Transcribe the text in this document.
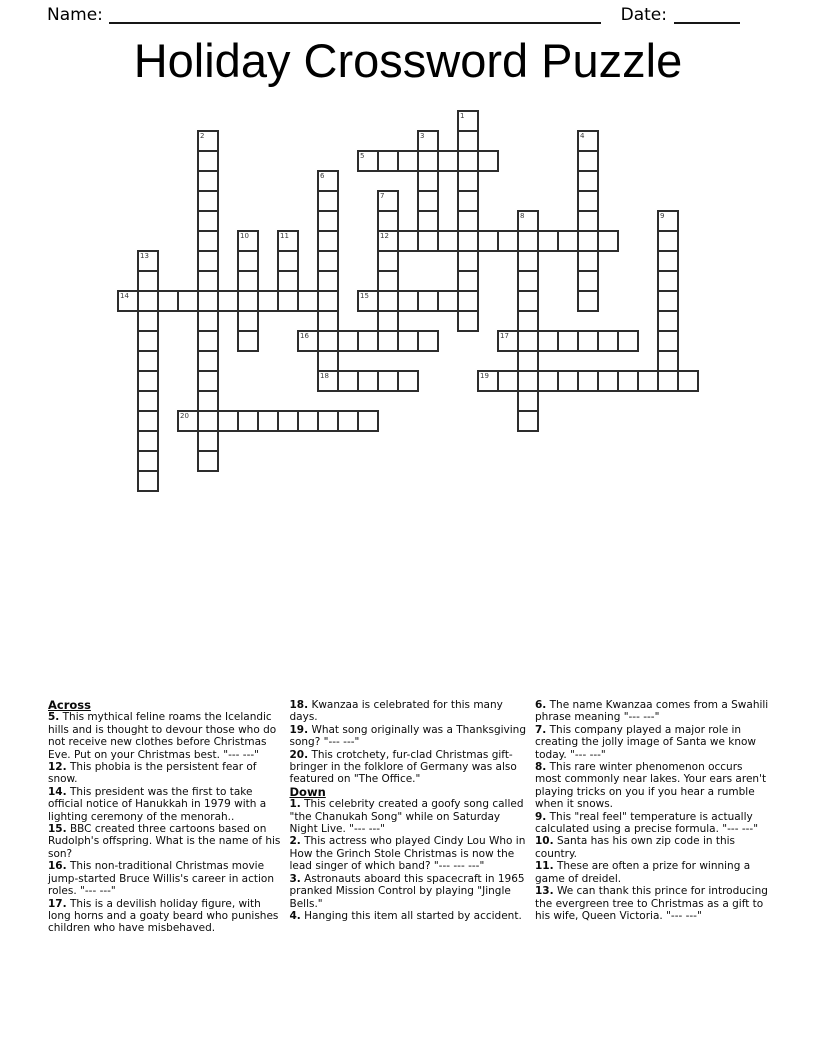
Name:	Date:
Holiday Crossword Puzzle
1
2	3	4
5
6
18
7
12
8	9
10	11
13
14	15
16	17
19
20
Across
5. This mythical feline roams the Icelandic hills and is thought to devour those who do not receive new clothes before Christmas Eve. Put on your Christmas best. "--- ---"
12. This phobia is the persistent fear of snow.
14. This president was the first to take official notice of Hanukkah in 1979 with a lighting ceremony of the menorah..
15. BBC created three cartoons based on Rudolph's offspring. What is the name of his son?
16. This non-traditional Christmas movie jump-started Bruce Willis's career in action roles. "--- ---"
17. This is a devilish holiday figure, with long horns and a goaty beard who punishes children who have misbehaved.
18. Kwanzaa is celebrated for this many days.
19. What song originally was a Thanksgiving song? "--- ---"
20. This crotchety, fur-clad Christmas gift-bringer in the folklore of Germany was also featured on "The Office."
Down
1. This celebrity created a goofy song called "the Chanukah Song" while on Saturday Night Live. "--- ---"
2. This actress who played Cindy Lou Who in How the Grinch Stole Christmas is now the lead singer of which band? "--- --- ---"
3. Astronauts aboard this spacecraft in 1965 pranked Mission Control by playing "Jingle Bells."
4. Hanging this item all started by accident.
6. The name Kwanzaa comes from a Swahili phrase meaning "--- ---"
7. This company played a major role in creating the jolly image of Santa we know today. "--- ---"
8. This rare winter phenomenon occurs most commonly near lakes. Your ears aren't playing tricks on you if you hear a rumble when it snows.
9. This "real feel" temperature is actually calculated using a precise formula. "--- ---"
10. Santa has his own zip code in this country.
11. These are often a prize for winning a game of dreidel.
13. We can thank this prince for introducing the evergreen tree to Christmas as a gift to his wife, Queen Victoria. "--- ---"
